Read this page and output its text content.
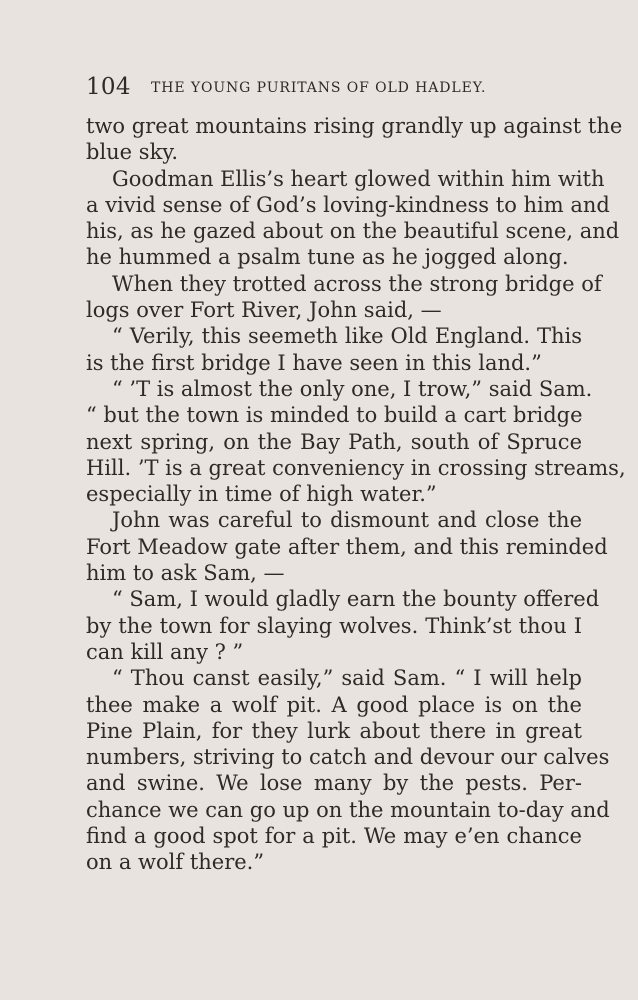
104 THE YOUNG PURITANS OF OLD HADLEY.
two great mountains rising grandly up against the
blue sky.
Goodman Ellis’s heart glowed within him with
a vivid sense of God’s loving-kindness to him and
his, as he gazed about on the beautiful scene, and
he hummed a psalm tune as he jogged along.
When they trotted across the strong bridge of
logs over Fort River, John said, —
“ Verily, this seemeth like Old England. This
is the first bridge I have seen in this land.”
“ ’T is almost the only one, I trow,” said Sam.
“ but the town is minded to build a cart bridge
next spring, on the Bay Path, south of Spruce
Hill. ’T is a great conveniency in crossing streams,
especially in time of high water.”
John was careful to dismount and close the
Fort Meadow gate after them, and this reminded
him to ask Sam, —
“ Sam, I would gladly earn the bounty offered
by the town for slaying wolves. Think’st thou I
can kill any ? ”
“ Thou canst easily,” said Sam. “ I will help
thee make a wolf pit. A good place is on the
Pine Plain, for they lurk about there in great
numbers, striving to catch and devour our calves
and swine. We lose many by the pests. Per-
chance we can go up on the mountain to-day and
find a good spot for a pit. We may e’en chance
on a wolf there.”
